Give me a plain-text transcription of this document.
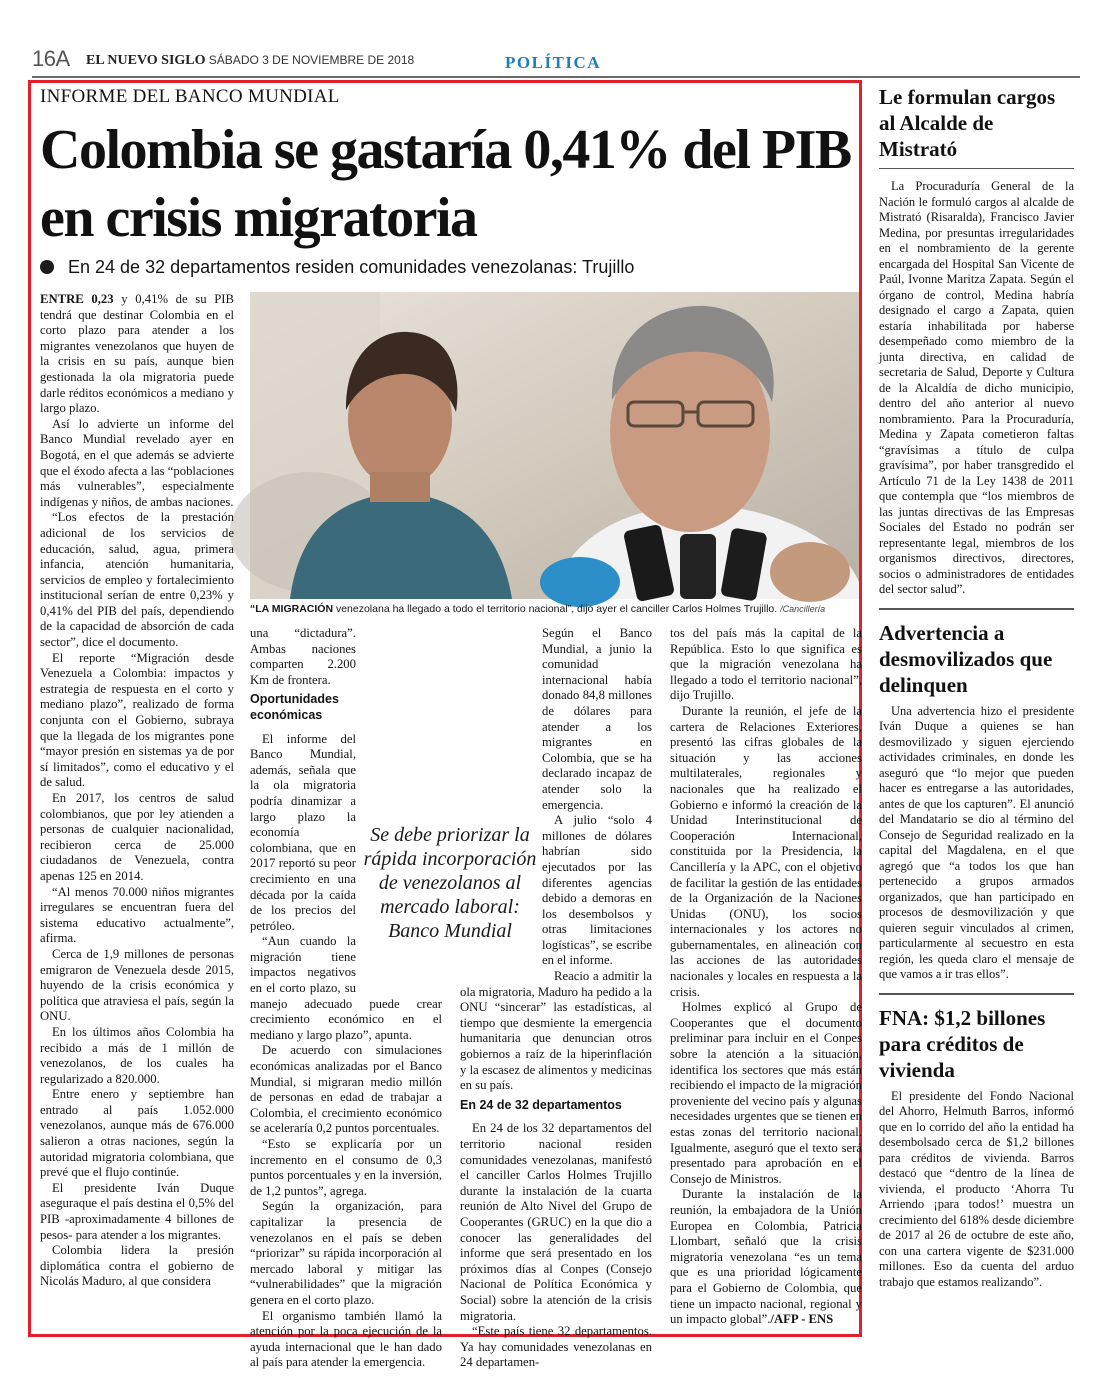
16A EL NUEVO SIGLO SÁBADO 3 DE NOVIEMBRE DE 2018	POLÍTICA
INFORME DEL BANCO MUNDIAL
Colombia se gastaría 0,41% del PIB en crisis migratoria
En 24 de 32 departamentos residen comunidades venezolanas: Trujillo
“LA MIGRACIÓN venezolana ha llegado a todo el territorio nacional”, dijo ayer el canciller Carlos Holmes Trujillo. /Cancillería

ENTRE 0,23 y 0,41% de su PIB tendrá que destinar Colombia en el corto plazo para atender a los migrantes venezolanos que huyen de la crisis en su país, aunque bien gestionada la ola migratoria puede darle réditos económicos a mediano y largo plazo.

Así lo advierte un informe del Banco Mundial revelado ayer en Bogotá, en el que además se advierte que el éxodo afecta a las “poblaciones más vulnerables”, especialmente indígenas y niños, de ambas naciones.

“Los efectos de la prestación adicional de los servicios de educación, salud, agua, primera infancia, atención humanitaria, servicios de empleo y fortalecimiento institucional serían de entre 0,23% y 0,41% del PIB del país, dependiendo de la capacidad de absorción de cada sector”, dice el documento.

El reporte “Migración desde Venezuela a Colombia: impactos y estrategia de respuesta en el corto y mediano plazo”, realizado de forma conjunta con el Gobierno, subraya que la llegada de los migrantes pone “mayor presión en sistemas ya de por sí limitados”, como el educativo y el de salud.

En 2017, los centros de salud colombianos, que por ley atienden a personas de cualquier nacionalidad, recibieron cerca de 25.000 ciudadanos de Venezuela, contra apenas 125 en 2014.

“Al menos 70.000 niños migrantes irregulares se encuentran fuera del sistema educativo actualmente”, afirma.

Cerca de 1,9 millones de personas emigraron de Venezuela desde 2015, huyendo de la crisis económica y política que atraviesa el país, según la ONU.

En los últimos años Colombia ha recibido a más de 1 millón de venezolanos, de los cuales ha regularizado a 820.000.

Entre enero y septiembre han entrado al país 1.052.000 venezolanos, aunque más de 676.000 salieron a otras naciones, según la autoridad migratoria colombiana, que prevé que el flujo continúe.

El presidente Iván Duque aseguraque el país destina el 0,5% del PIB -aproximadamente 4 billones de pesos- para atender a los migrantes.

Colombia lidera la presión diplomática contra el gobierno de Nicolás Maduro, al que considera

una “dictadura”. Ambas naciones comparten 2.200 Km de frontera.

Oportunidades económicas

El informe del Banco Mundial, además, señala que la ola migratoria podría dinamizar a largo plazo la economía colombiana, que en 2017 reportó su peor crecimiento en una década por la caída de los precios del petróleo.

“Aun cuando la migración tiene impactos negativos en el corto plazo, su manejo adecuado puede crear crecimiento económico en el mediano y largo plazo”, apunta.

De acuerdo con simulaciones económicas analizadas por el Banco Mundial, si migraran medio millón de personas en edad de trabajar a Colombia, el crecimiento económico se aceleraría 0,2 puntos porcentuales.

“Esto se explicaría por un incremento en el consumo de 0,3 puntos porcentuales y en la inversión, de 1,2 puntos”, agrega.

Según la organización, para capitalizar la presencia de venezolanos en el país se deben “priorizar” su rápida incorporación al mercado laboral y mitigar las “vulnerabilidades” que la migración genera en el corto plazo.

El organismo también llamó la atención por la poca ejecución de la ayuda internacional que le han dado al país para atender la emergencia.

Según el Banco Mundial, a junio la comunidad internacional había donado 84,8 millones de dólares para atender a los migrantes en Colombia, que se ha declarado incapaz de atender solo la emergencia.

A julio “solo 4 millones de dólares habrían sido ejecutados por las diferentes agencias debido a demoras en los desembolsos y otras limitaciones logísticas”, se escribe en el informe.

Reacio a admitir la ola migratoria, Maduro ha pedido a la ONU “sincerar” las estadísticas, al tiempo que desmiente la emergencia humanitaria que denuncian otros gobiernos a raíz de la hiperinflación y la escasez de alimentos y medicinas en su país.

En 24 de 32 departamentos

En 24 de los 32 departamentos del territorio nacional residen comunidades venezolanas, manifestó el canciller Carlos Holmes Trujillo durante la instalación de la cuarta reunión de Alto Nivel del Grupo de Cooperantes (GRUC) en la que dio a conocer las generalidades del informe que será presentado en los próximos días al Conpes (Consejo Nacional de Política Económica y Social) sobre la atención de la crisis migratoria.

“Este país tiene 32 departamentos. Ya hay comunidades venezolanas en 24 departamen-

Se debe priorizar la rápida incorporación de venezolanos al mercado laboral: Banco Mundial

tos del país más la capital de la República. Esto lo que significa es que la migración venezolana ha llegado a todo el territorio nacional”, dijo Trujillo.

Durante la reunión, el jefe de la cartera de Relaciones Exteriores, presentó las cifras globales de la situación y las acciones multilaterales, regionales y nacionales que ha realizado el Gobierno e informó la creación de la Unidad Interinstitucional de Cooperación Internacional, constituida por la Presidencia, la Cancillería y la APC, con el objetivo de facilitar la gestión de las entidades de la Organización de la Naciones Unidas (ONU), los socios internacionales y los actores no gubernamentales, en alineación con las acciones de las autoridades nacionales y locales en respuesta a la crisis.

Holmes explicó al Grupo de Cooperantes que el documento preliminar para incluir en el Conpes sobre la atención a la situación, identifica los sectores que más están recibiendo el impacto de la migración proveniente del vecino país y algunas necesidades urgentes que se tienen en estas zonas del territorio nacional. Igualmente, aseguró que el texto será presentado para aprobación en el Consejo de Ministros.

Durante la instalación de la reunión, la embajadora de la Unión Europea en Colombia, Patricia Llombart, señaló que la crisis migratoria venezolana “es un tema que es una prioridad lógicamente para el Gobierno de Colombia, que tiene un impacto nacional, regional y un impacto global”./AFP - ENS

Le formulan cargos al Alcalde de Mistrató

La Procuraduría General de la Nación le formuló cargos al alcalde de Mistrató (Risaralda), Francisco Javier Medina, por presuntas irregularidades en el nombramiento de la gerente encargada del Hospital San Vicente de Paúl, Ivonne Maritza Zapata. Según el órgano de control, Medina habría designado el cargo a Zapata, quien estaría inhabilitada por haberse desempeñado como miembro de la junta directiva, en calidad de secretaria de Salud, Deporte y Cultura de la Alcaldía de dicho municipio, dentro del año anterior al nuevo nombramiento. Para la Procuraduría, Medina y Zapata cometieron faltas “gravísimas a título de culpa gravísima”, por haber transgredido el Artículo 71 de la Ley 1438 de 2011 que contempla que “los miembros de las juntas directivas de las Empresas Sociales del Estado no podrán ser representante legal, miembros de los organismos directivos, directores, socios o administradores de entidades del sector salud”.

Advertencia a desmovilizados que delinquen

Una advertencia hizo el presidente Iván Duque a quienes se han desmovilizado y siguen ejerciendo actividades criminales, en donde les aseguró que “lo mejor que pueden hacer es entregarse a las autoridades, antes de que los capturen”. El anunció del Mandatario se dio al término del Consejo de Seguridad realizado en la capital del Magdalena, en el que agregó que “a todos los que han pertenecido a grupos armados organizados, que han participado en procesos de desmovilización y que quieren seguir vinculados al crimen, particularmente al secuestro en esta región, les queda claro el mensaje de que vamos a ir tras ellos”.

FNA: $1,2 billones para créditos de vivienda

El presidente del Fondo Nacional del Ahorro, Helmuth Barros, informó que en lo corrido del año la entidad ha desembolsado cerca de $1,2 billones para créditos de vivienda. Barros destacó que “dentro de la línea de vivienda, el producto ‘Ahorra Tu Arriendo ¡para todos!’ muestra un crecimiento del 618% desde diciembre de 2017 al 26 de octubre de este año, con una cartera vigente de $231.000 millones. Eso da cuenta del arduo trabajo que estamos realizando”.
